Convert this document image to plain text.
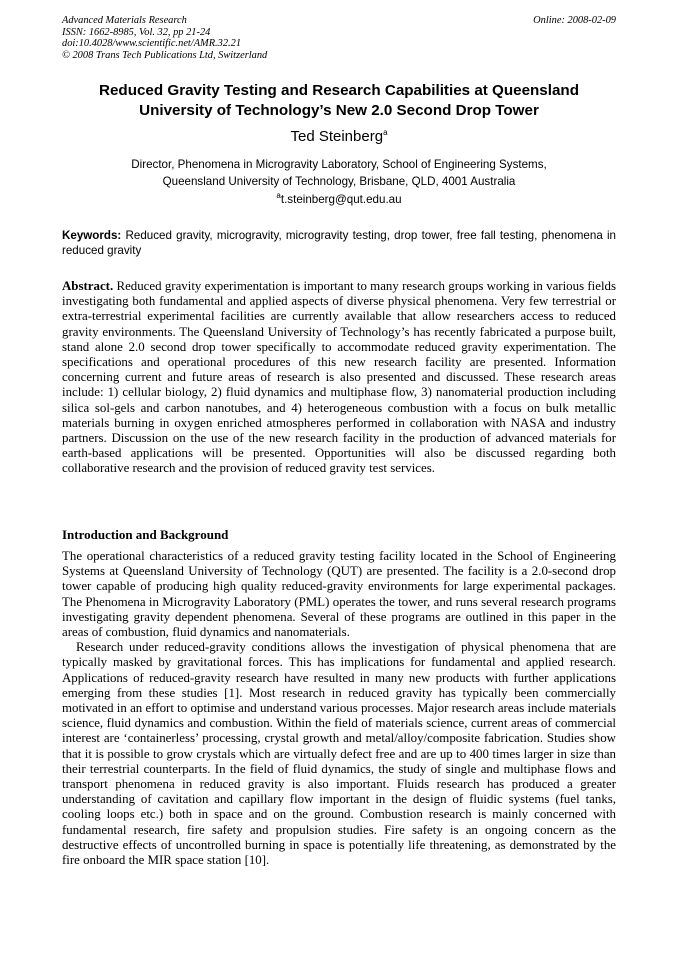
Advanced Materials Research
ISSN: 1662-8985, Vol. 32, pp 21-24
doi:10.4028/www.scientific.net/AMR.32.21
© 2008 Trans Tech Publications Ltd, Switzerland
Online: 2008-02-09
Reduced Gravity Testing and Research Capabilities at Queensland
University of Technology’s New 2.0 Second Drop Tower
Ted Steinberg$^a$
Director, Phenomena in Microgravity Laboratory, School of Engineering Systems,
Queensland University of Technology, Brisbane, QLD, 4001 Australia
$^a$t.steinberg@qut.edu.au
Keywords: Reduced gravity, microgravity, microgravity testing, drop tower, free fall testing, phenomena in reduced gravity
Abstract. Reduced gravity experimentation is important to many research groups working in various fields investigating both fundamental and applied aspects of diverse physical phenomena. Very few terrestrial or extra-terrestrial experimental facilities are currently available that allow researchers access to reduced gravity environments. The Queensland University of Technology’s has recently fabricated a purpose built, stand alone 2.0 second drop tower specifically to accommodate reduced gravity experimentation. The specifications and operational procedures of this new research facility are presented. Information concerning current and future areas of research is also presented and discussed. These research areas include: 1) cellular biology, 2) fluid dynamics and multiphase flow, 3) nanomaterial production including silica sol-gels and carbon nanotubes, and 4) heterogeneous combustion with a focus on bulk metallic materials burning in oxygen enriched atmospheres performed in collaboration with NASA and industry partners. Discussion on the use of the new research facility in the production of advanced materials for earth-based applications will be presented. Opportunities will also be discussed regarding both collaborative research and the provision of reduced gravity test services.
Introduction and Background

The operational characteristics of a reduced gravity testing facility located in the School of Engineering Systems at Queensland University of Technology (QUT) are presented. The facility is a 2.0-second drop tower capable of producing high quality reduced-gravity environments for large experimental packages. The Phenomena in Microgravity Laboratory (PML) operates the tower, and runs several research programs investigating gravity dependent phenomena. Several of these programs are outlined in this paper in the areas of combustion, fluid dynamics and nanomaterials.

Research under reduced-gravity conditions allows the investigation of physical phenomena that are typically masked by gravitational forces. This has implications for fundamental and applied research. Applications of reduced-gravity research have resulted in many new products with further applications emerging from these studies [1]. Most research in reduced gravity has typically been commercially motivated in an effort to optimise and understand various processes. Major research areas include materials science, fluid dynamics and combustion. Within the field of materials science, current areas of commercial interest are ‘containerless’ processing, crystal growth and metal/alloy/composite fabrication. Studies show that it is possible to grow crystals which are virtually defect free and are up to 400 times larger in size than their terrestrial counterparts. In the field of fluid dynamics, the study of single and multiphase flows and transport phenomena in reduced gravity is also important. Fluids research has produced a greater understanding of cavitation and capillary flow important in the design of fluidic systems (fuel tanks, cooling loops etc.) both in space and on the ground. Combustion research is mainly concerned with fundamental research, fire safety and propulsion studies. Fire safety is an ongoing concern as the destructive effects of uncontrolled burning in space is potentially life threatening, as demonstrated by the fire onboard the MIR space station [10].
